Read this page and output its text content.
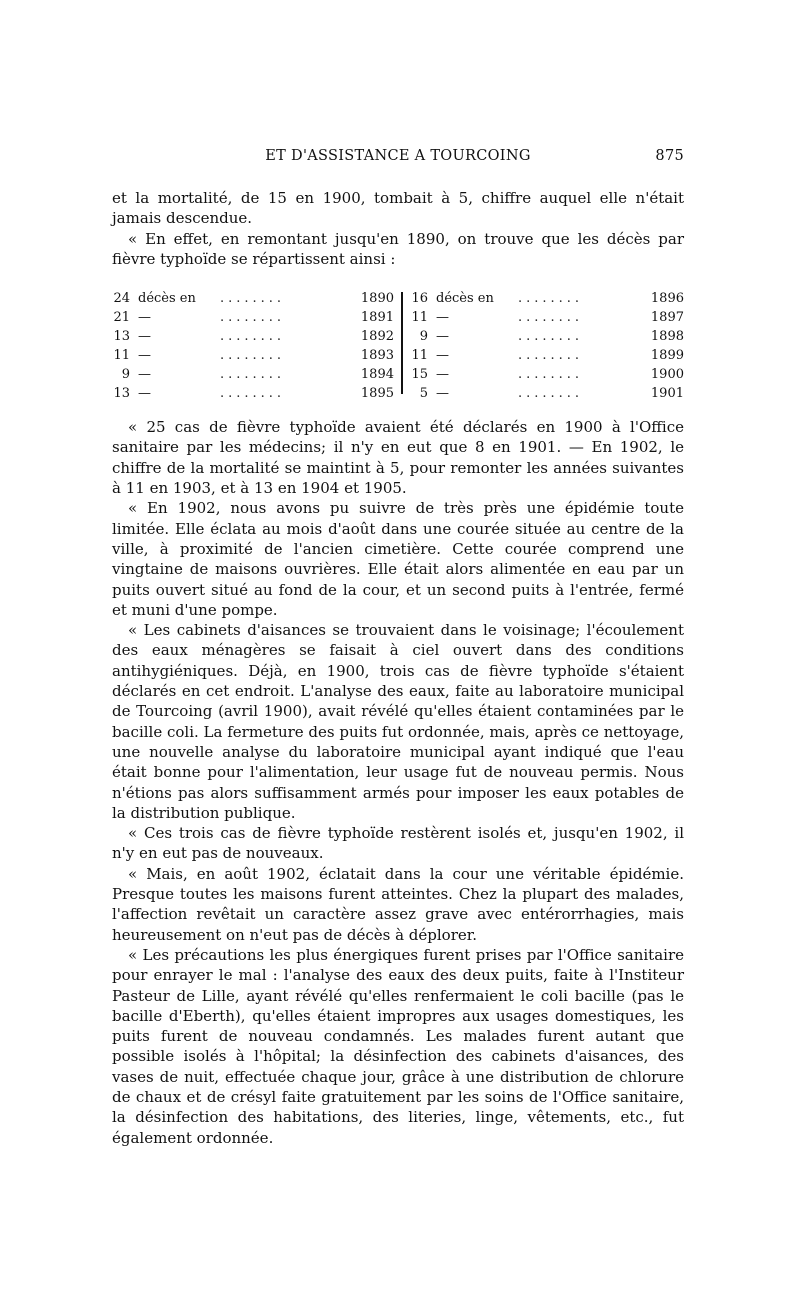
ET D'ASSISTANCE A TOURCOING	875

et la mortalité, de 15 en 1900, tombait à 5, chiffre auquel elle n'était jamais descendue.

« En effet, en remontant jusqu'en 1890, on trouve que les décès par fièvre typhoïde se répartissent ainsi :

24 décès en ........	1890
21 —	........	1891
13 —	........	1892
11 —	........	1893
9 —	........	1894
13 —	........	1895
16 décès en ........	1896
11 —	........	1897
9 —	........	1898
11 —	........	1899
15 —	........	1900
5 —	........	1901

« 25 cas de fièvre typhoïde avaient été déclarés en 1900 à l'Office sanitaire par les médecins; il n'y en eut que 8 en 1901. — En 1902, le chiffre de la mortalité se maintint à 5, pour remonter les années suivantes à 11 en 1903, et à 13 en 1904 et 1905.

« En 1902, nous avons pu suivre de très près une épidémie toute limitée. Elle éclata au mois d'août dans une courée située au centre de la ville, à proximité de l'ancien cimetière. Cette courée comprend une vingtaine de maisons ouvrières. Elle était alors alimentée en eau par un puits ouvert situé au fond de la cour, et un second puits à l'entrée, fermé et muni d'une pompe.

« Les cabinets d'aisances se trouvaient dans le voisinage; l'écoulement des eaux ménagères se faisait à ciel ouvert dans des conditions antihygiéniques. Déjà, en 1900, trois cas de fièvre typhoïde s'étaient déclarés en cet endroit. L'analyse des eaux, faite au laboratoire municipal de Tourcoing (avril 1900), avait révélé qu'elles étaient contaminées par le bacille coli. La fermeture des puits fut ordonnée, mais, après ce nettoyage, une nouvelle analyse du laboratoire municipal ayant indiqué que l'eau était bonne pour l'alimentation, leur usage fut de nouveau permis. Nous n'étions pas alors suffisamment armés pour imposer les eaux potables de la distribution publique.

« Ces trois cas de fièvre typhoïde restèrent isolés et, jusqu'en 1902, il n'y en eut pas de nouveaux.

« Mais, en août 1902, éclatait dans la cour une véritable épidémie. Presque toutes les maisons furent atteintes. Chez la plupart des malades, l'affection revêtait un caractère assez grave avec entérorrhagies, mais heureusement on n'eut pas de décès à déplorer.

« Les précautions les plus énergiques furent prises par l'Office sanitaire pour enrayer le mal : l'analyse des eaux des deux puits, faite à l'Institeur Pasteur de Lille, ayant révélé qu'elles renfermaient le coli bacille (pas le bacille d'Eberth), qu'elles étaient impropres aux usages domestiques, les puits furent de nouveau condamnés. Les malades furent autant que possible isolés à l'hôpital; la désinfection des cabinets d'aisances, des vases de nuit, effectuée chaque jour, grâce à une distribution de chlorure de chaux et de crésyl faite gratuitement par les soins de l'Office sanitaire, la désinfection des habitations, des literies, linge, vêtements, etc., fut également ordonnée.
